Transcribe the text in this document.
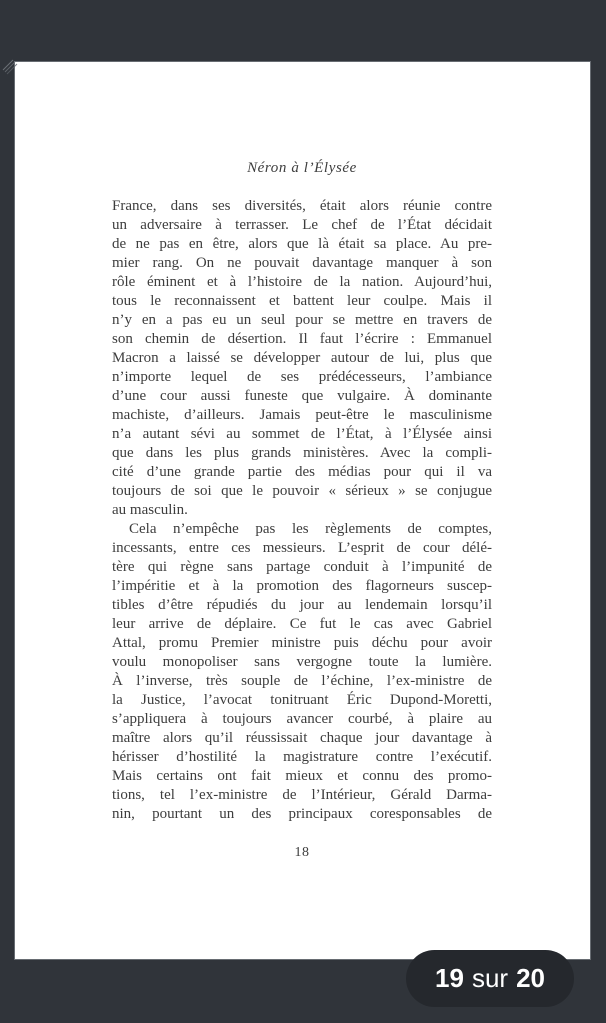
Néron à l’Élysée
France, dans ses diversités, était alors réunie contre
un adversaire à terrasser. Le chef de l’État décidait
de ne pas en être, alors que là était sa place. Au pre-
mier rang. On ne pouvait davantage manquer à son
rôle éminent et à l’histoire de la nation. Aujourd’hui,
tous le reconnaissent et battent leur coulpe. Mais il
n’y en a pas eu un seul pour se mettre en travers de
son chemin de désertion. Il faut l’écrire : Emmanuel
Macron a laissé se développer autour de lui, plus que
n’importe lequel de ses prédécesseurs, l’ambiance
d’une cour aussi funeste que vulgaire. À dominante
machiste, d’ailleurs. Jamais peut-être le masculinisme
n’a autant sévi au sommet de l’État, à l’Élysée ainsi
que dans les plus grands ministères. Avec la compli-
cité d’une grande partie des médias pour qui il va
toujours de soi que le pouvoir « sérieux » se conjugue
au masculin.
Cela n’empêche pas les règlements de comptes,
incessants, entre ces messieurs. L’esprit de cour délé-
tère qui règne sans partage conduit à l’impunité de
l’impéritie et à la promotion des flagorneurs suscep-
tibles d’être répudiés du jour au lendemain lorsqu’il
leur arrive de déplaire. Ce fut le cas avec Gabriel
Attal, promu Premier ministre puis déchu pour avoir
voulu monopoliser sans vergogne toute la lumière.
À l’inverse, très souple de l’échine, l’ex-ministre de
la Justice, l’avocat tonitruant Éric Dupond-Moretti,
s’appliquera à toujours avancer courbé, à plaire au
maître alors qu’il réussissait chaque jour davantage à
hérisser d’hostilité la magistrature contre l’exécutif.
Mais certains ont fait mieux et connu des promo-
tions, tel l’ex-ministre de l’Intérieur, Gérald Darma-
nin, pourtant un des principaux coresponsables de
18
19 sur 20
